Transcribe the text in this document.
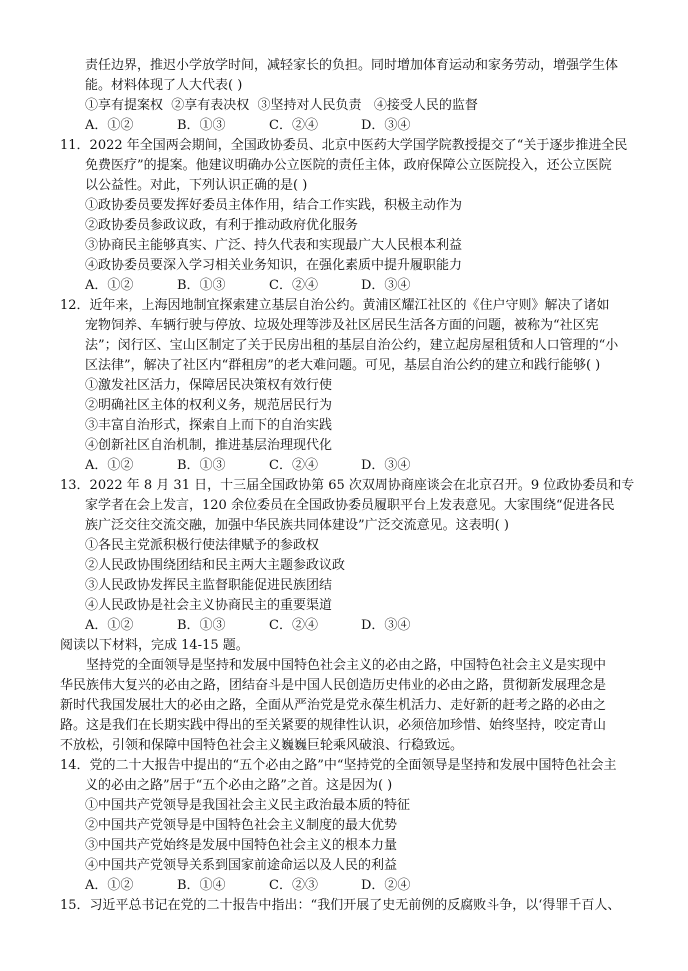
责任边界，推迟小学放学时间，减轻家长的负担。同时增加体育运动和家务劳动，增强学生体

能。材料体现了人大代表( )

①享有提案权  ②享有表决权  ③坚持对人民负责   ④接受人民的监督

A．①②	B．①③	C．②④	D．③④

11．2022 年全国两会期间，全国政协委员、北京中医药大学国学院教授提交了“关于逐步推进全民

免费医疗”的提案。他建议明确办公立医院的责任主体，政府保障公立医院投入，还公立医院

以公益性。对此，下列认识正确的是( )

①政协委员要发挥好委员主体作用，结合工作实践，积极主动作为

②政协委员参政议政，有利于推动政府优化服务

③协商民主能够真实、广泛、持久代表和实现最广大人民根本利益

④政协委员要深入学习相关业务知识，在强化素质中提升履职能力

A．①②	B．①③	C．②④	D．③④

12．近年来，上海因地制宜探索建立基层自治公约。黄浦区耀江社区的《住户守则》解决了诸如

宠物饲养、车辆行驶与停放、垃圾处理等涉及社区居民生活各方面的问题，被称为“社区宪

法”；闵行区、宝山区制定了关于民房出租的基层自治公约，建立起房屋租赁和人口管理的“小

区法律”，解决了社区内“群租房”的老大难问题。可见，基层自治公约的建立和践行能够( )

①激发社区活力，保障居民决策权有效行使

②明确社区主体的权利义务，规范居民行为

③丰富自治形式，探索自上而下的自治实践

④创新社区自治机制，推进基层治理现代化

A．①②	B．①③	C．②④	D．③④

13．2022 年 8 月 31 日，十三届全国政协第 65 次双周协商座谈会在北京召开。9 位政协委员和专

家学者在会上发言，120 余位委员在全国政协委员履职平台上发表意见。大家围绕“促进各民

族广泛交往交流交融，加强中华民族共同体建设”广泛交流意见。这表明( )

①各民主党派积极行使法律赋予的参政权

②人民政协围绕团结和民主两大主题参政议政

③人民政协发挥民主监督职能促进民族团结

④人民政协是社会主义协商民主的重要渠道

A．①②	B．①③	C．②④	D．③④

阅读以下材料，完成 14-15 题。

坚持党的全面领导是坚持和发展中国特色社会主义的必由之路，中国特色社会主义是实现中

华民族伟大复兴的必由之路，团结奋斗是中国人民创造历史伟业的必由之路，贯彻新发展理念是

新时代我国发展壮大的必由之路，全面从严治党是党永葆生机活力、走好新的赶考之路的必由之

路。这是我们在长期实践中得出的至关紧要的规律性认识，必须倍加珍惜、始终坚持，咬定青山

不放松，引领和保障中国特色社会主义巍巍巨轮乘风破浪、行稳致远。

14．党的二十大报告中提出的“五个必由之路”中“坚持党的全面领导是坚持和发展中国特色社会主

义的必由之路”居于“五个必由之路”之首。这是因为( )

①中国共产党领导是我国社会主义民主政治最本质的特征

②中国共产党领导是中国特色社会主义制度的最大优势

③中国共产党始终是发展中国特色社会主义的根本力量

④中国共产党领导关系到国家前途命运以及人民的利益

A．①②	B．①④	C．②③	D．②④

15．习近平总书记在党的二十报告中指出：“我们开展了史无前例的反腐败斗争，以‘得罪千百人、
